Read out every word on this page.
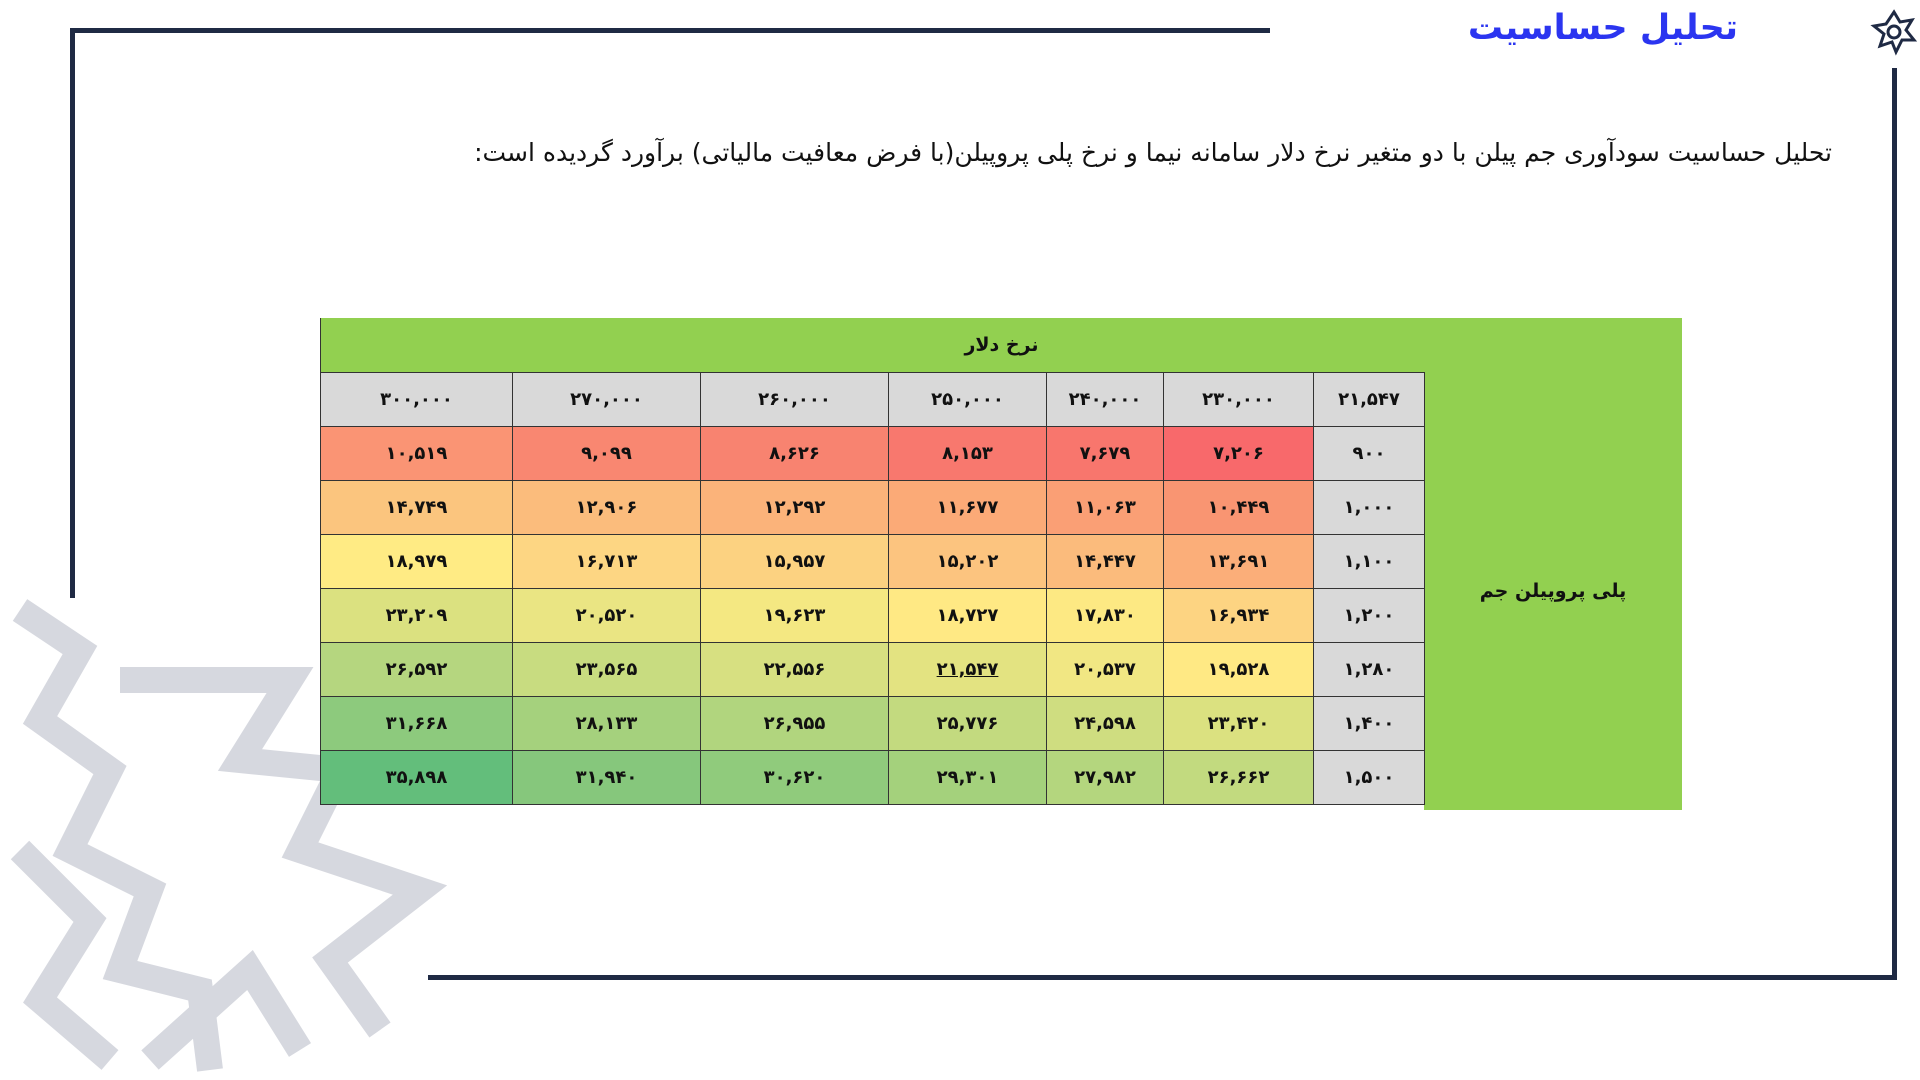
تحلیل حساسیت
تحلیل حساسیت سودآوری جم پیلن با دو متغیر نرخ دلار سامانه نیما و نرخ پلی پروپیلن(با فرض معافیت مالیاتی) برآورد گردیده است:
نرخ دلار
پلی پروپیلن جم
۳۰۰,۰۰۰	۲۷۰,۰۰۰	۲۶۰,۰۰۰	۲۵۰,۰۰۰	۲۴۰,۰۰۰	۲۳۰,۰۰۰	۲۱,۵۴۷
۱۰,۵۱۹	۹,۰۹۹	۸,۶۲۶	۸,۱۵۳	۷,۶۷۹	۷,۲۰۶	۹۰۰
۱۴,۷۴۹	۱۲,۹۰۶	۱۲,۲۹۲	۱۱,۶۷۷	۱۱,۰۶۳	۱۰,۴۴۹	۱,۰۰۰
۱۸,۹۷۹	۱۶,۷۱۳	۱۵,۹۵۷	۱۵,۲۰۲	۱۴,۴۴۷	۱۳,۶۹۱	۱,۱۰۰
۲۳,۲۰۹	۲۰,۵۲۰	۱۹,۶۲۳	۱۸,۷۲۷	۱۷,۸۳۰	۱۶,۹۳۴	۱,۲۰۰
۲۶,۵۹۲	۲۳,۵۶۵	۲۲,۵۵۶	۲۱,۵۴۷	۲۰,۵۳۷	۱۹,۵۲۸	۱,۲۸۰
۳۱,۶۶۸	۲۸,۱۳۳	۲۶,۹۵۵	۲۵,۷۷۶	۲۴,۵۹۸	۲۳,۴۲۰	۱,۴۰۰
۳۵,۸۹۸	۳۱,۹۴۰	۳۰,۶۲۰	۲۹,۳۰۱	۲۷,۹۸۲	۲۶,۶۶۲	۱,۵۰۰
